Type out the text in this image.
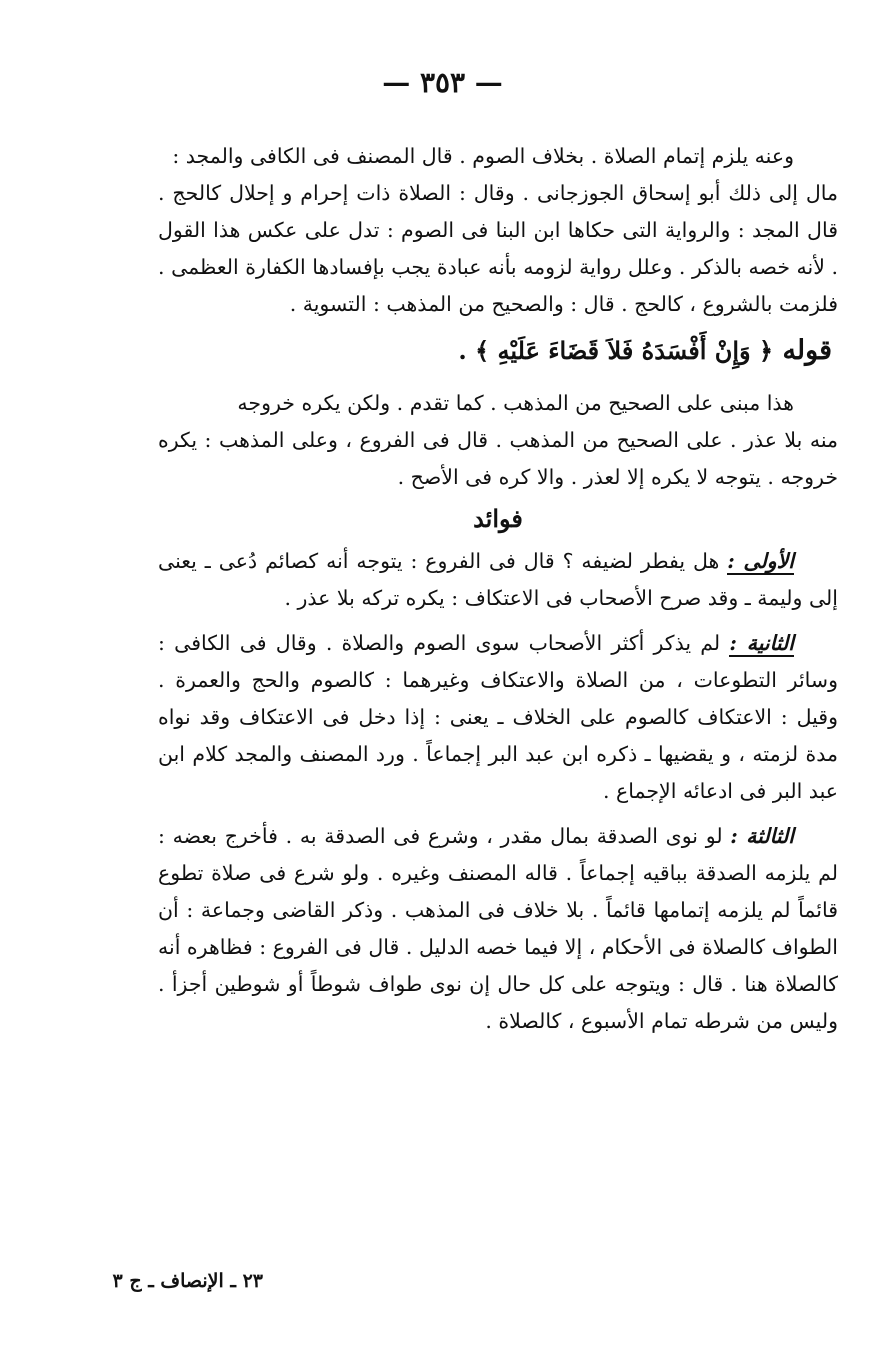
— ٣٥٣ —

وعنه يلزم إتمام الصلاة . بخلاف الصوم . قال المصنف فى الكافى والمجد :

مال إلى ذلك أبو إسحاق الجوزجانى . وقال : الصلاة ذات إحرام و إحلال كالحج . قال المجد : والرواية التى حكاها ابن البنا فى الصوم : تدل على عكس هذا القول . لأنه خصه بالذكر . وعلل رواية لزومه بأنه عبادة يجب بإفسادها الكفارة العظمى . فلزمت بالشروع ، كالحج . قال : والصحيح من المذهب : التسوية .

قوله ﴿ وَإِنْ أَفْسَدَهُ فَلاَ قَضَاءَ عَلَيْهِ ﴾ .

هذا مبنى على الصحيح من المذهب . كما تقدم . ولكن يكره خروجه

منه بلا عذر . على الصحيح من المذهب . قال فى الفروع ، وعلى المذهب : يكره خروجه . يتوجه لا يكره إلا لعذر . والا كره فى الأصح .

فوائد

الأولى : هل يفطر لضيفه ؟ قال فى الفروع : يتوجه أنه كصائم دُعى ـ يعنى إلى وليمة ـ وقد صرح الأصحاب فى الاعتكاف : يكره تركه بلا عذر .

الثانية : لم يذكر أكثر الأصحاب سوى الصوم والصلاة . وقال فى الكافى : وسائر التطوعات ، من الصلاة والاعتكاف وغيرهما : كالصوم والحج والعمرة . وقيل : الاعتكاف كالصوم على الخلاف ـ يعنى : إذا دخل فى الاعتكاف وقد نواه مدة لزمته ، و يقضيها ـ ذكره ابن عبد البر إجماعاً . ورد المصنف والمجد كلام ابن عبد البر فى ادعائه الإجماع .

الثالثة : لو نوى الصدقة بمال مقدر ، وشرع فى الصدقة به . فأخرج بعضه : لم يلزمه الصدقة بباقيه إجماعاً . قاله المصنف وغيره . ولو شرع فى صلاة تطوع قائماً لم يلزمه إتمامها قائماً . بلا خلاف فى المذهب . وذكر القاضى وجماعة : أن الطواف كالصلاة فى الأحكام ، إلا فيما خصه الدليل . قال فى الفروع : فظاهره أنه كالصلاة هنا . قال : ويتوجه على كل حال إن نوى طواف شوطاً أو شوطين أجزأ . وليس من شرطه تمام الأسبوع ، كالصلاة .

٢٣ ـ الإنصاف ـ ج ٣
